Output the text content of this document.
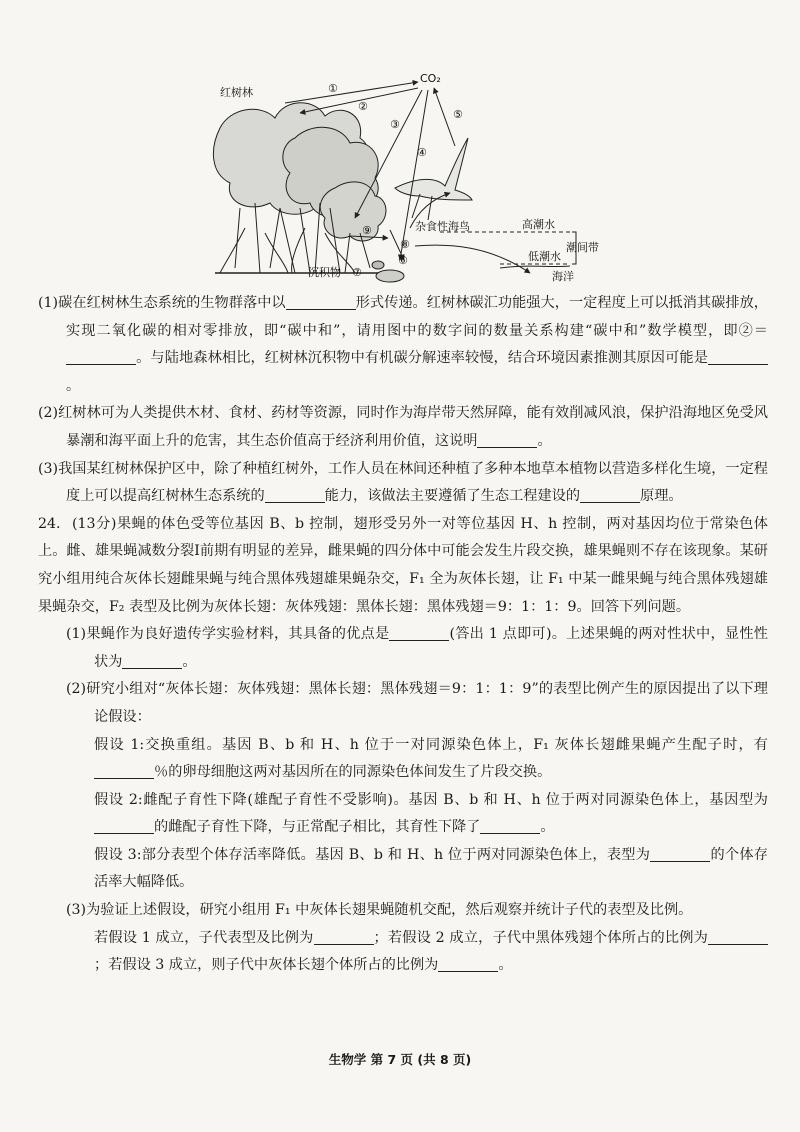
红树林
CO₂
杂食性海鸟	高潮水
低潮水
潮间带
海洋
沉积物
①
②
③
④
⑤
⑥
⑦
⑧
⑨

(1)碳在红树林生态系统的生物群落中以	形式传递。红树林碳汇功能强大，一定程度上可以抵消其碳排放，实现二氧化碳的相对零排放，即“碳中和”，请用图中的数字间的数量关系构建“碳中和”数学模型，即②＝。与陆地森林相比，红树林沉积物中有机碳分解速率较慢，结合环境因素推测其原因可能是。

(2)红树林可为人类提供木材、食材、药材等资源，同时作为海岸带天然屏障，能有效削减风浪，保护沿海地区免受风暴潮和海平面上升的危害，其生态价值高于经济利用价值，这说明	。

(3)我国某红树林保护区中，除了种植红树外，工作人员在林间还种植了多种本地草本植物以营造多样化生境，一定程度上可以提高红树林生态系统的	能力，该做法主要遵循了生态工程建设的	原理。

24. (13分)果蝇的体色受等位基因 B、b 控制，翅形受另外一对等位基因 H、h 控制，两对基因均位于常染色体上。雌、雄果蝇减数分裂Ⅰ前期有明显的差异，雌果蝇的四分体中可能会发生片段交换，雄果蝇则不存在该现象。某研究小组用纯合灰体长翅雌果蝇与纯合黑体残翅雄果蝇杂交，F₁ 全为灰体长翅，让 F₁ 中某一雌果蝇与纯合黑体残翅雄果蝇杂交，F₂ 表型及比例为灰体长翅：灰体残翅：黑体长翅：黑体残翅＝9：1：1：9。回答下列问题。

(1)果蝇作为良好遗传学实验材料，其具备的优点是	(答出 1 点即可)。上述果蝇的两对性状中，显性性状为	。

(2)研究小组对“灰体长翅：灰体残翅：黑体长翅：黑体残翅＝9：1：1：9”的表型比例产生的原因提出了以下理论假设：

假设 1:交换重组。基因 B、b 和 H、h 位于一对同源染色体上，F₁ 灰体长翅雌果蝇产生配子时，有％的卵母细胞这两对基因所在的同源染色体间发生了片段交换。

假设 2:雌配子育性下降(雄配子育性不受影响)。基因 B、b 和 H、h 位于两对同源染色体上，基因型为的雌配子育性下降，与正常配子相比，其育性下降了	。

假设 3:部分表型个体存活率降低。基因 B、b 和 H、h 位于两对同源染色体上，表型为	的个体存活率大幅降低。

(3)为验证上述假设，研究小组用 F₁ 中灰体长翅果蝇随机交配，然后观察并统计子代的表型及比例。

若假设 1 成立，子代表型及比例为	；若假设 2 成立，子代中黑体残翅个体所占的比例为；若假设 3 成立，则子代中灰体长翅个体所占的比例为	。

生物学 第 7 页 (共 8 页)
